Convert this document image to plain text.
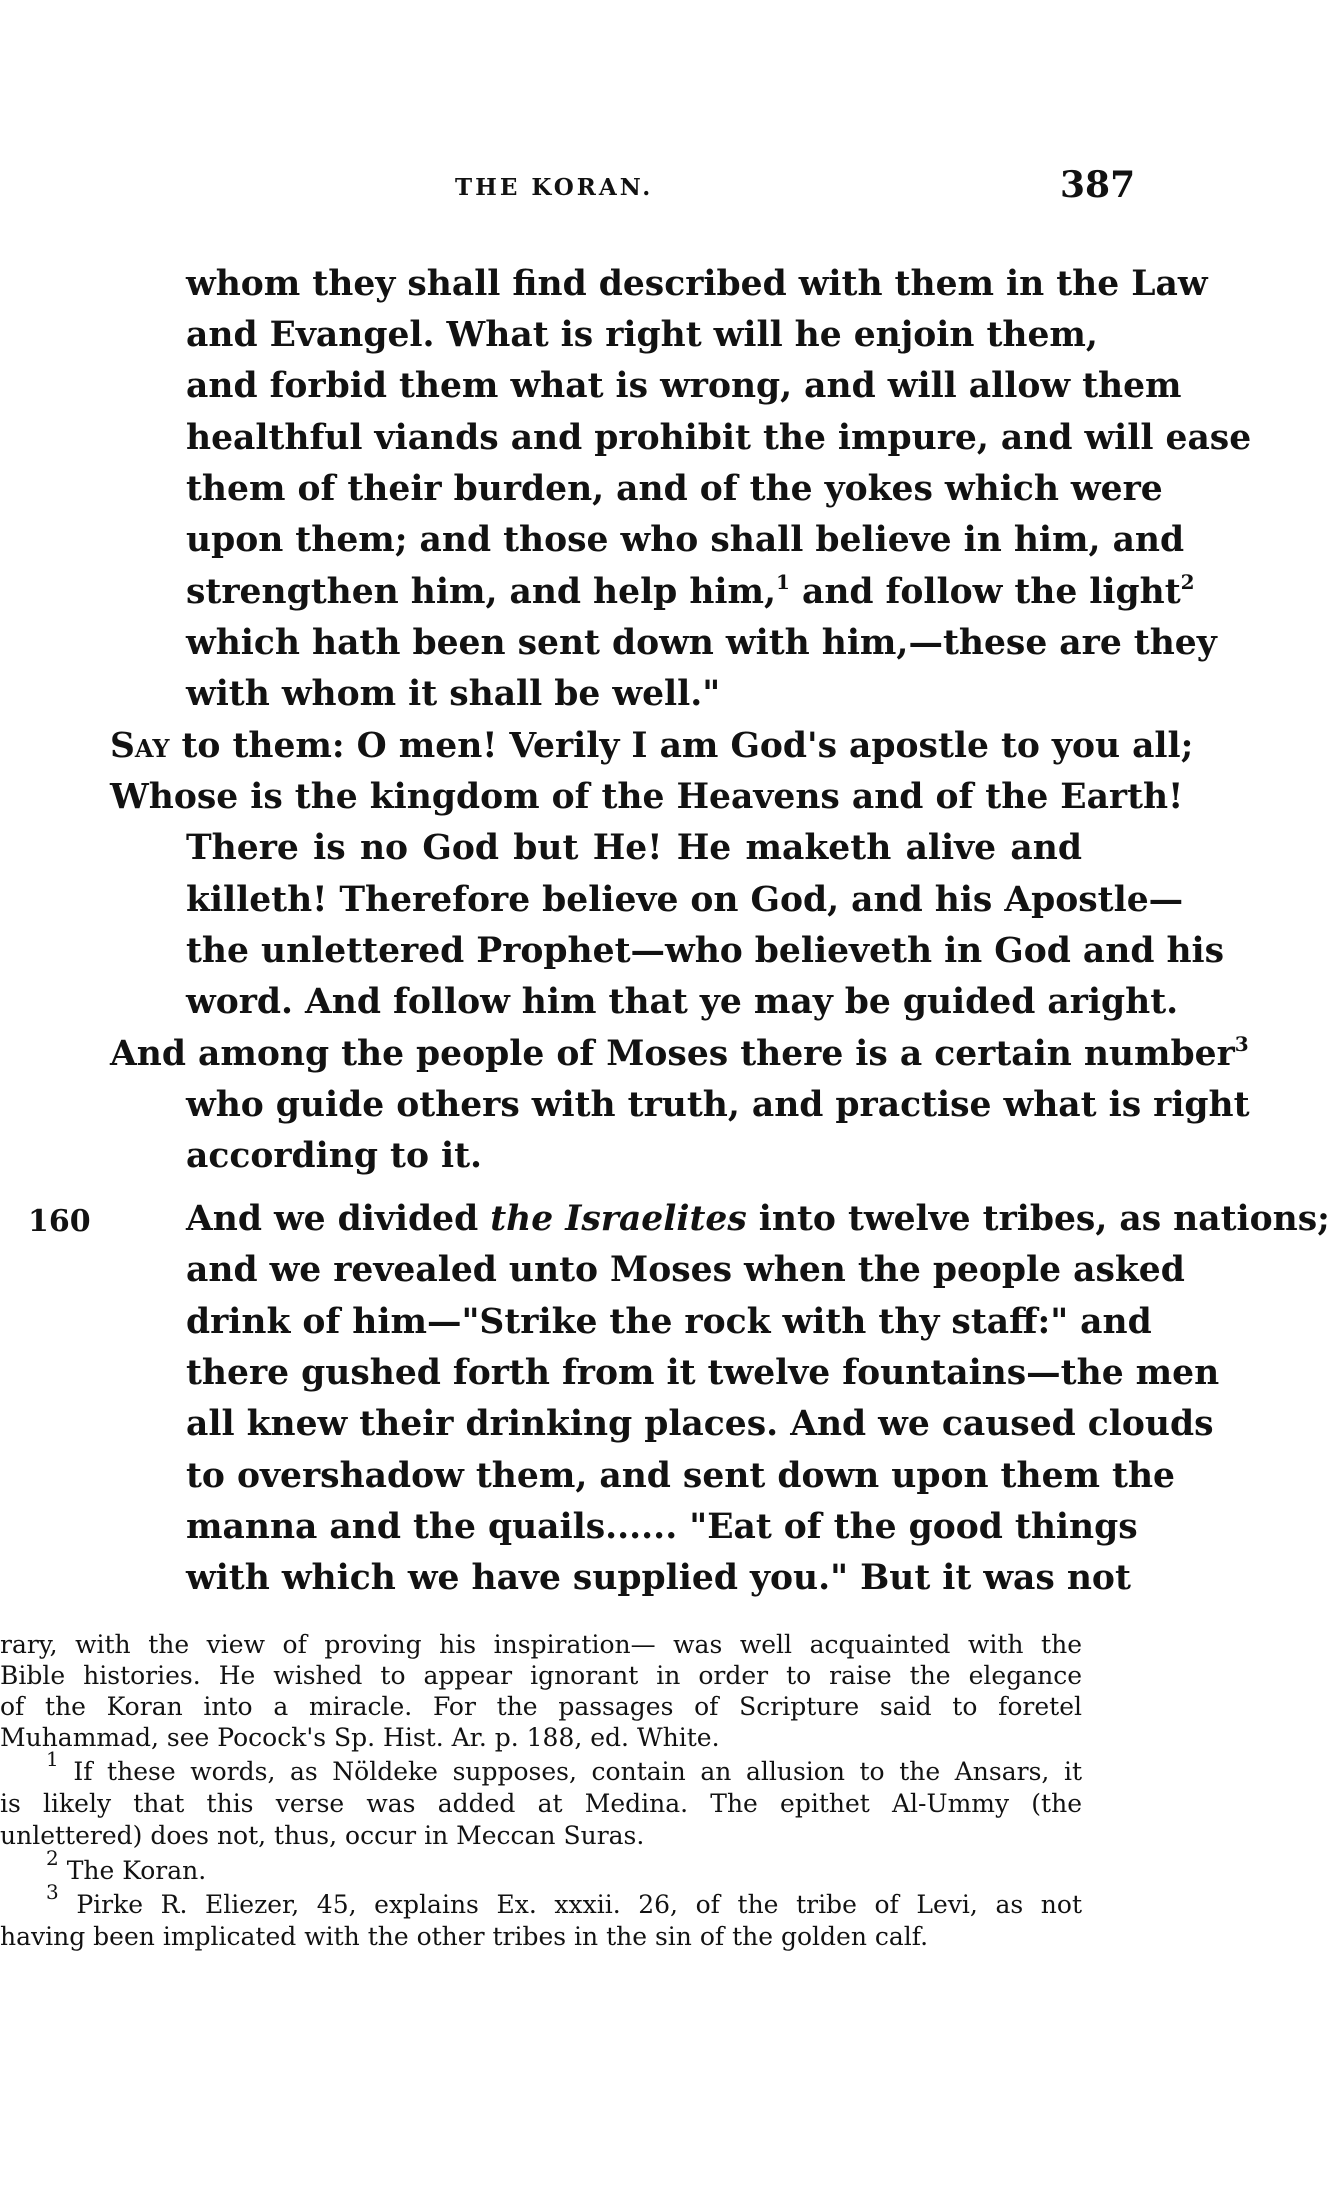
THE KORAN.	387
whom they shall find described with them in the Law
and Evangel. What is right will he enjoin them,
and forbid them what is wrong, and will allow them
healthful viands and prohibit the impure, and will ease
them of their burden, and of the yokes which were
upon them; and those who shall believe in him, and
strengthen him, and help him,$^1$ and follow the light$^2$
which hath been sent down with him,—these are they
with whom it shall be well."
Say to them: O men! Verily I am God's apostle to you all;
Whose is the kingdom of the Heavens and of the Earth!
There is no God but He! He maketh alive and
killeth! Therefore believe on God, and his Apostle—
the unlettered Prophet—who believeth in God and his
word. And follow him that ye may be guided aright.
And among the people of Moses there is a certain number$^3$
who guide others with truth, and practise what is right
according to it.
160	And we divided the Israelites into twelve tribes, as nations;
and we revealed unto Moses when the people asked
drink of him—"Strike the rock with thy staff:" and
there gushed forth from it twelve fountains—the men
all knew their drinking places. And we caused clouds
to overshadow them, and sent down upon them the
manna and the quails...... "Eat of the good things
with which we have supplied you." But it was not
rary, with the view of proving his inspiration— was well acquainted with the
Bible histories. He wished to appear ignorant in order to raise the elegance
of the Koran into a miracle. For the passages of Scripture said to foretel
Muhammad, see Pocock's Sp. Hist. Ar. p. 188, ed. White.
$^1$ If these words, as Nöldeke supposes, contain an allusion to the Ansars, it
is likely that this verse was added at Medina. The epithet Al-Ummy (the
unlettered) does not, thus, occur in Meccan Suras.
$^2$ The Koran.
$^3$ Pirke R. Eliezer, 45, explains Ex. xxxii. 26, of the tribe of Levi, as not
having been implicated with the other tribes in the sin of the golden calf.
